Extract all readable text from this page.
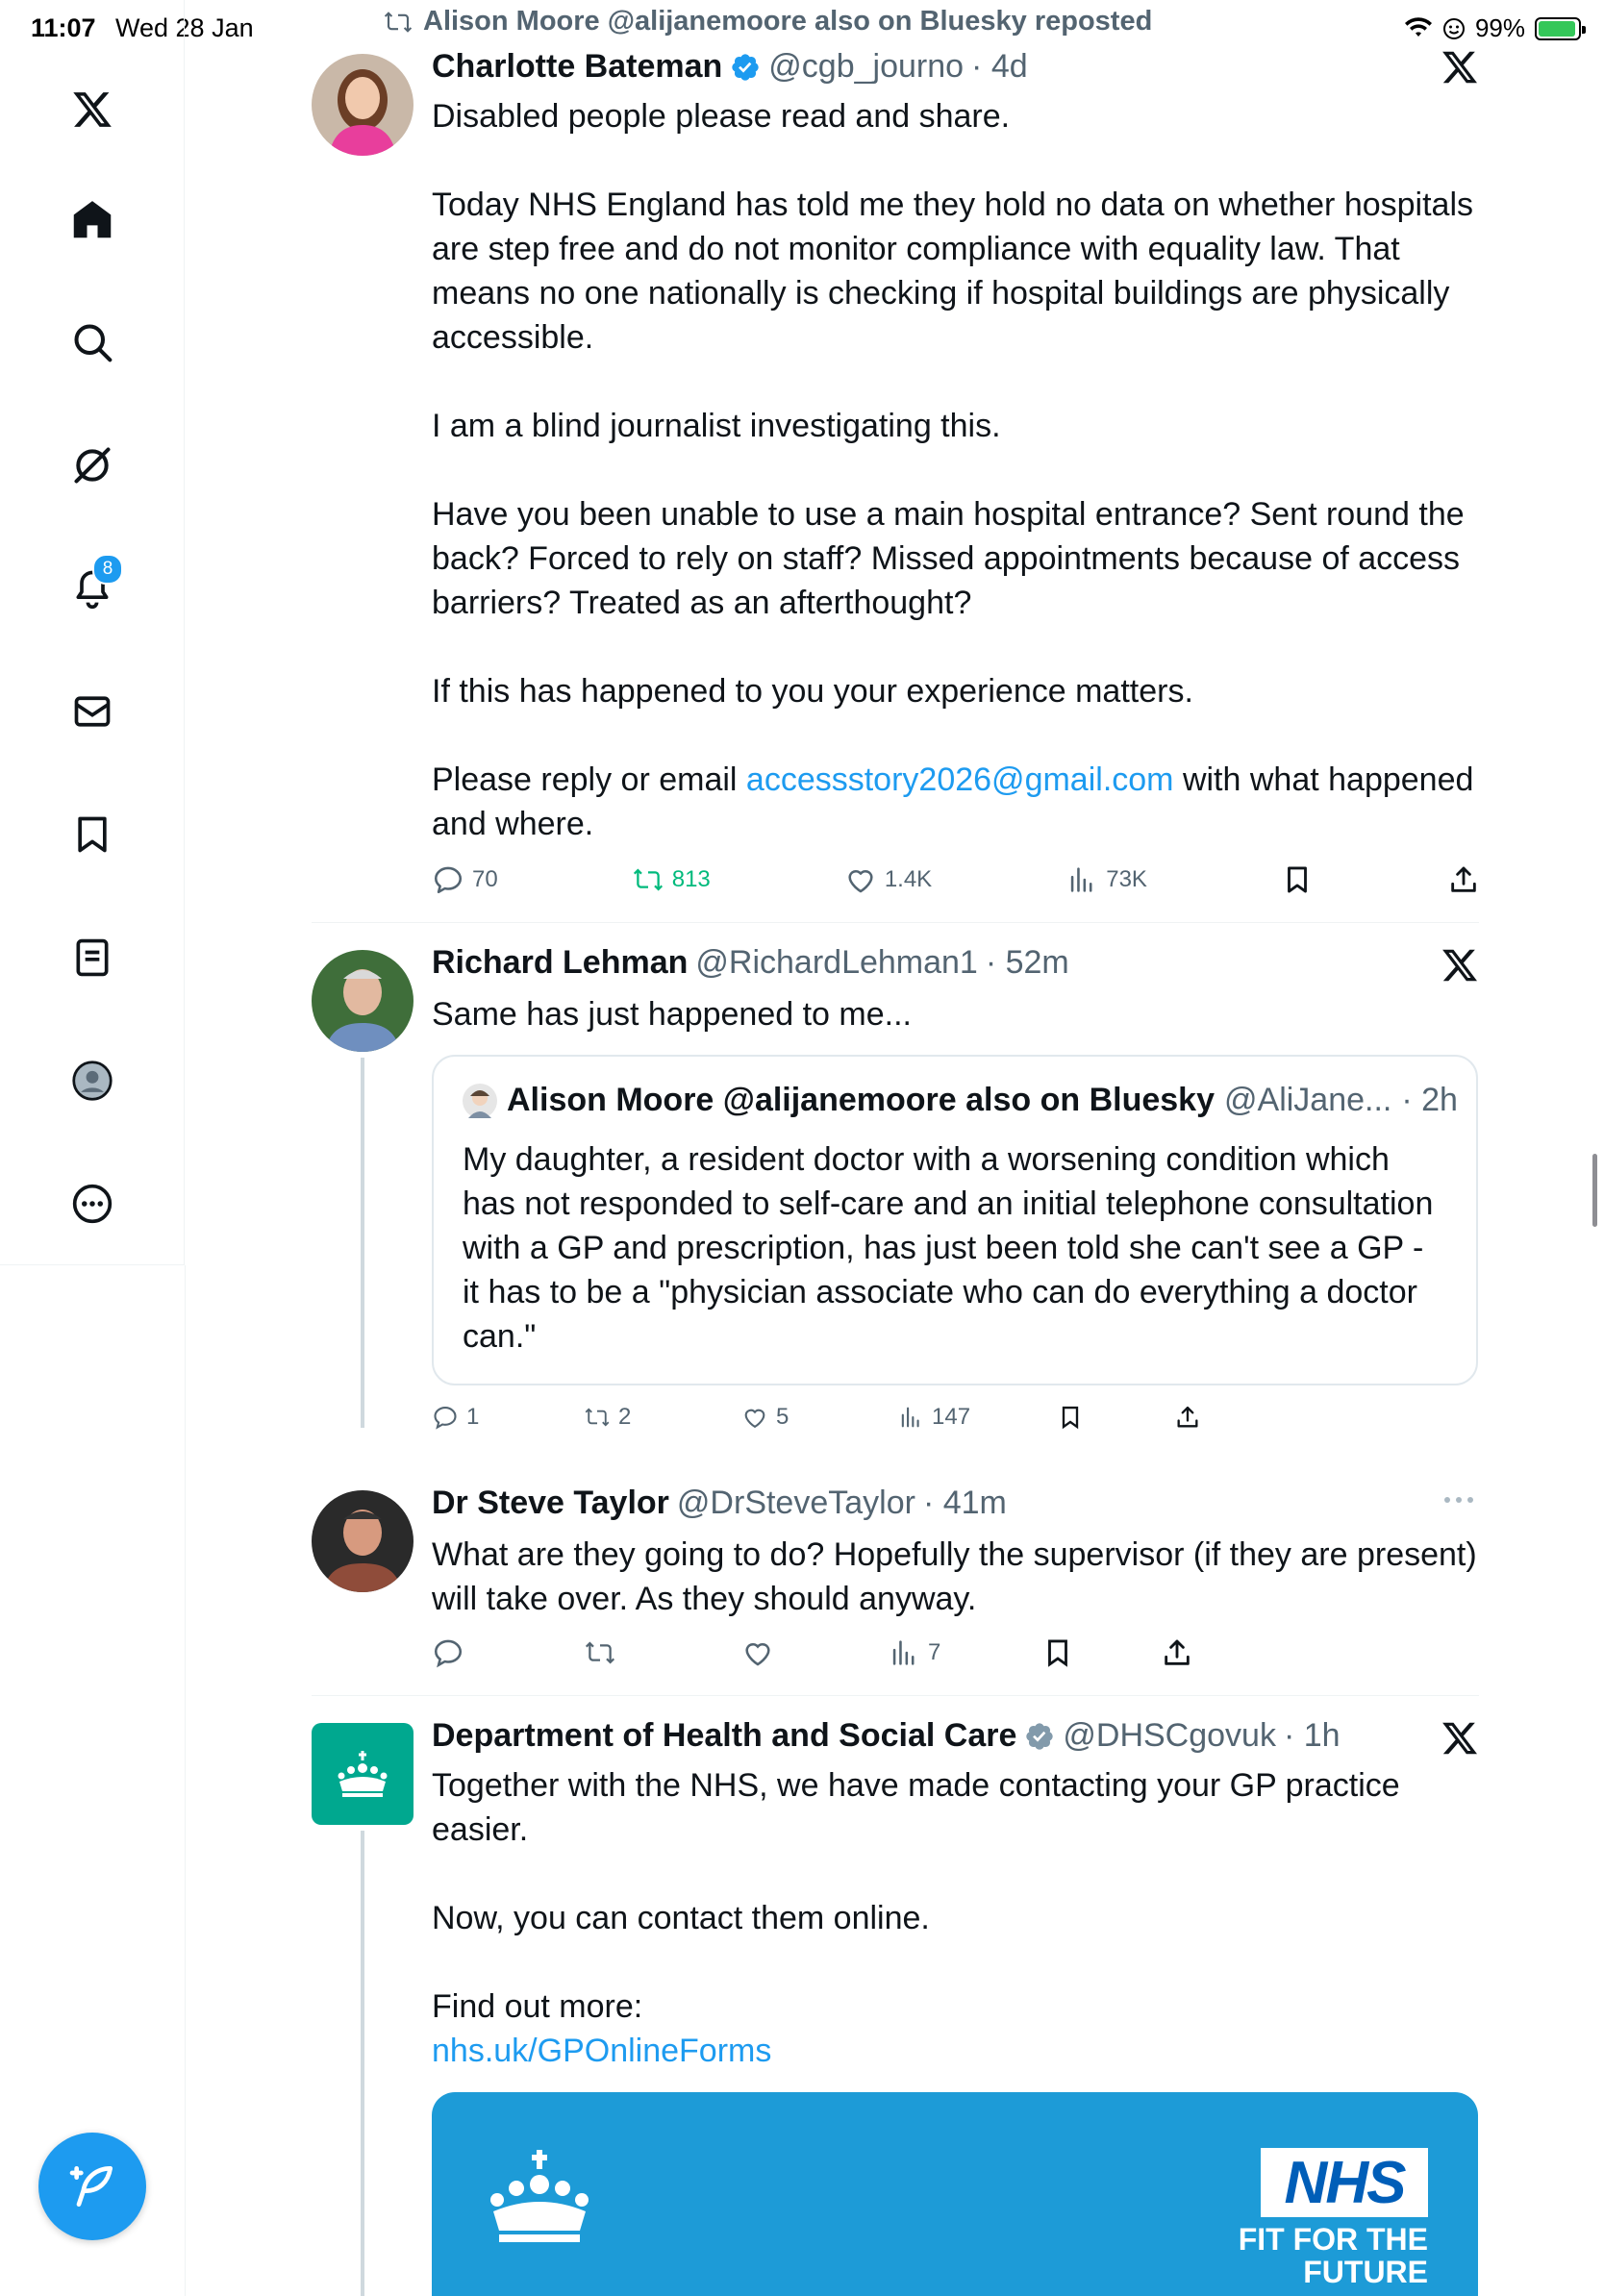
11:07 Wed 28 Jan	99%
8
Alison Moore @alijanemoore also on Bluesky reposted
Charlotte Bateman @cgb_journo · 4d
Disabled people please read and share.

Today NHS England has told me they hold no data on whether hospitals are step free and do not monitor compliance with equality law. That means no one nationally is checking if hospital buildings are physically accessible.

I am a blind journalist investigating this.

Have you been unable to use a main hospital entrance? Sent round the back? Forced to rely on staff? Missed appointments because of access barriers? Treated as an afterthought?

If this has happened to you your experience matters.

Please reply or email accessstory2026@gmail.com with what happened and where.
70	813	1.4K	73K
Richard Lehman @RichardLehman1 · 52m
Same has just happened to me...
Alison Moore @alijanemoore also on Bluesky @AliJane... · 2h
My daughter, a resident doctor with a worsening condition which has not responded to self-care and an initial telephone consultation with a GP and prescription, has just been told she can't see a GP - it has to be a "physician associate who can do everything a doctor can."
1	2	5	147
Dr Steve Taylor @DrSteveTaylor · 41m
What are they going to do? Hopefully the supervisor (if they are present) will take over. As they should anyway.
7
Department of Health and Social Care @DHSCgovuk · 1h
Together with the NHS, we have made contacting your GP practice easier.

Now, you can contact them online.

Find out more:
nhs.uk/GPOnlineForms
NHS
FIT FOR THE
FUTURE
